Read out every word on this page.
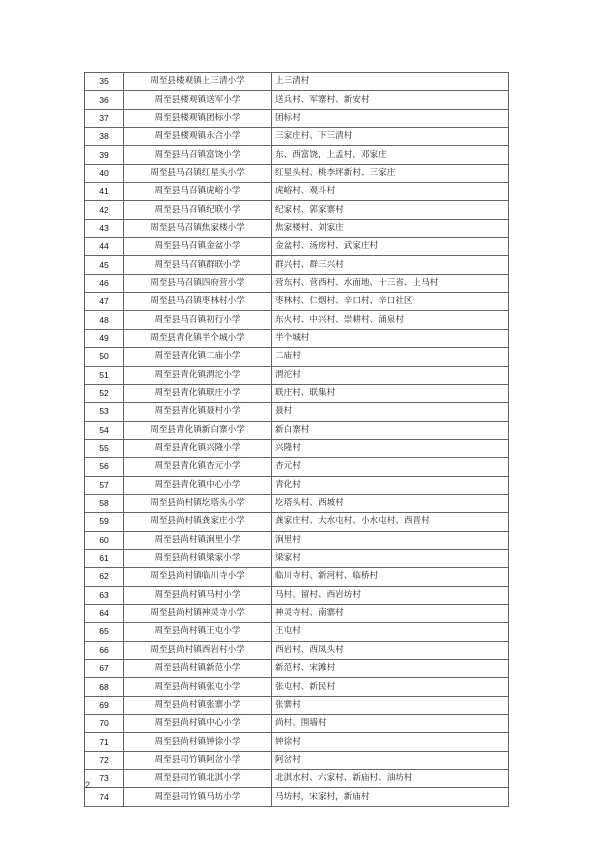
35	周至县楼观镇上三清小学	上三清村
36	周至县楼观镇送军小学	送兵村、军寨村、新安村
37	周至县楼观镇团标小学	团标村
38	周至县楼观镇永合小学	三家庄村、下三清村
39	周至县马召镇富饶小学	东、西富饶，上孟村，邓家庄
40	周至县马召镇红星头小学	红星头村、桃李坪新村、三家庄
41	周至县马召镇虎峪小学	虎峪村、观斗村
42	周至县马召镇纪联小学	纪家村、郭家寨村
43	周至县马召镇焦家楼小学	焦家楼村、刘家庄
44	周至县马召镇金盆小学	金盆村、汤房村、武家庄村
45	周至县马召镇群联小学	群兴村、群三兴村
46	周至县马召镇四府营小学	营东村、营西村、水面地、十三省、上马村
47	周至县马召镇枣林村小学	枣林村、仁烟村、辛口村、辛口社区
48	周至县马召镇初行小学	东火村、中兴村、崇耕村、涌泉村
49	周至县青化镇半个城小学	半个城村
50	周至县青化镇二庙小学	二庙村
51	周至县青化镇渭沱小学	渭沱村
52	周至县青化镇联庄小学	联庄村、联集村
53	周至县青化镇聂村小学	聂村
54	周至县青化镇新白寨小学	新白寨村
55	周至县青化镇兴隆小学	兴隆村
56	周至县青化镇杏元小学	杏元村
57	周至县青化镇中心小学	青化村
58	周至县尚村镇圪塔头小学	圪塔头村、西坡村
59	周至县尚村镇龚家庄小学	龚家庄村、大水屯村、小水屯村、西晋村
60	周至县尚村镇涧里小学	涧里村
61	周至县尚村镇梁家小学	梁家村
62	周至县尚村镇临川寺小学	临川寺村、新河村、临桥村
63	周至县尚村镇马村小学	马村、留村、西岩坊村
64	周至县尚村镇神灵寺小学	神灵寺村、南寨村
65	周至县尚村镇王屯小学	王屯村
66	周至县尚村镇西岩村小学	西岩村、西凤头村
67	周至县尚村镇新范小学	新范村、宋滩村
68	周至县尚村镇张屯小学	张屯村、新民村
69	周至县尚村镇张寨小学	张寨村
70	周至县尚村镇中心小学	尚村、围墙村
71	周至县尚村镇钟徐小学	钟徐村
72	周至县司竹镇阿岔小学	阿岔村
73	周至县司竹镇北淇小学	北淇水村、六家村、新庙村、油坊村
74	周至县司竹镇马坊小学	马坊村，宋家村，新庙村
2
